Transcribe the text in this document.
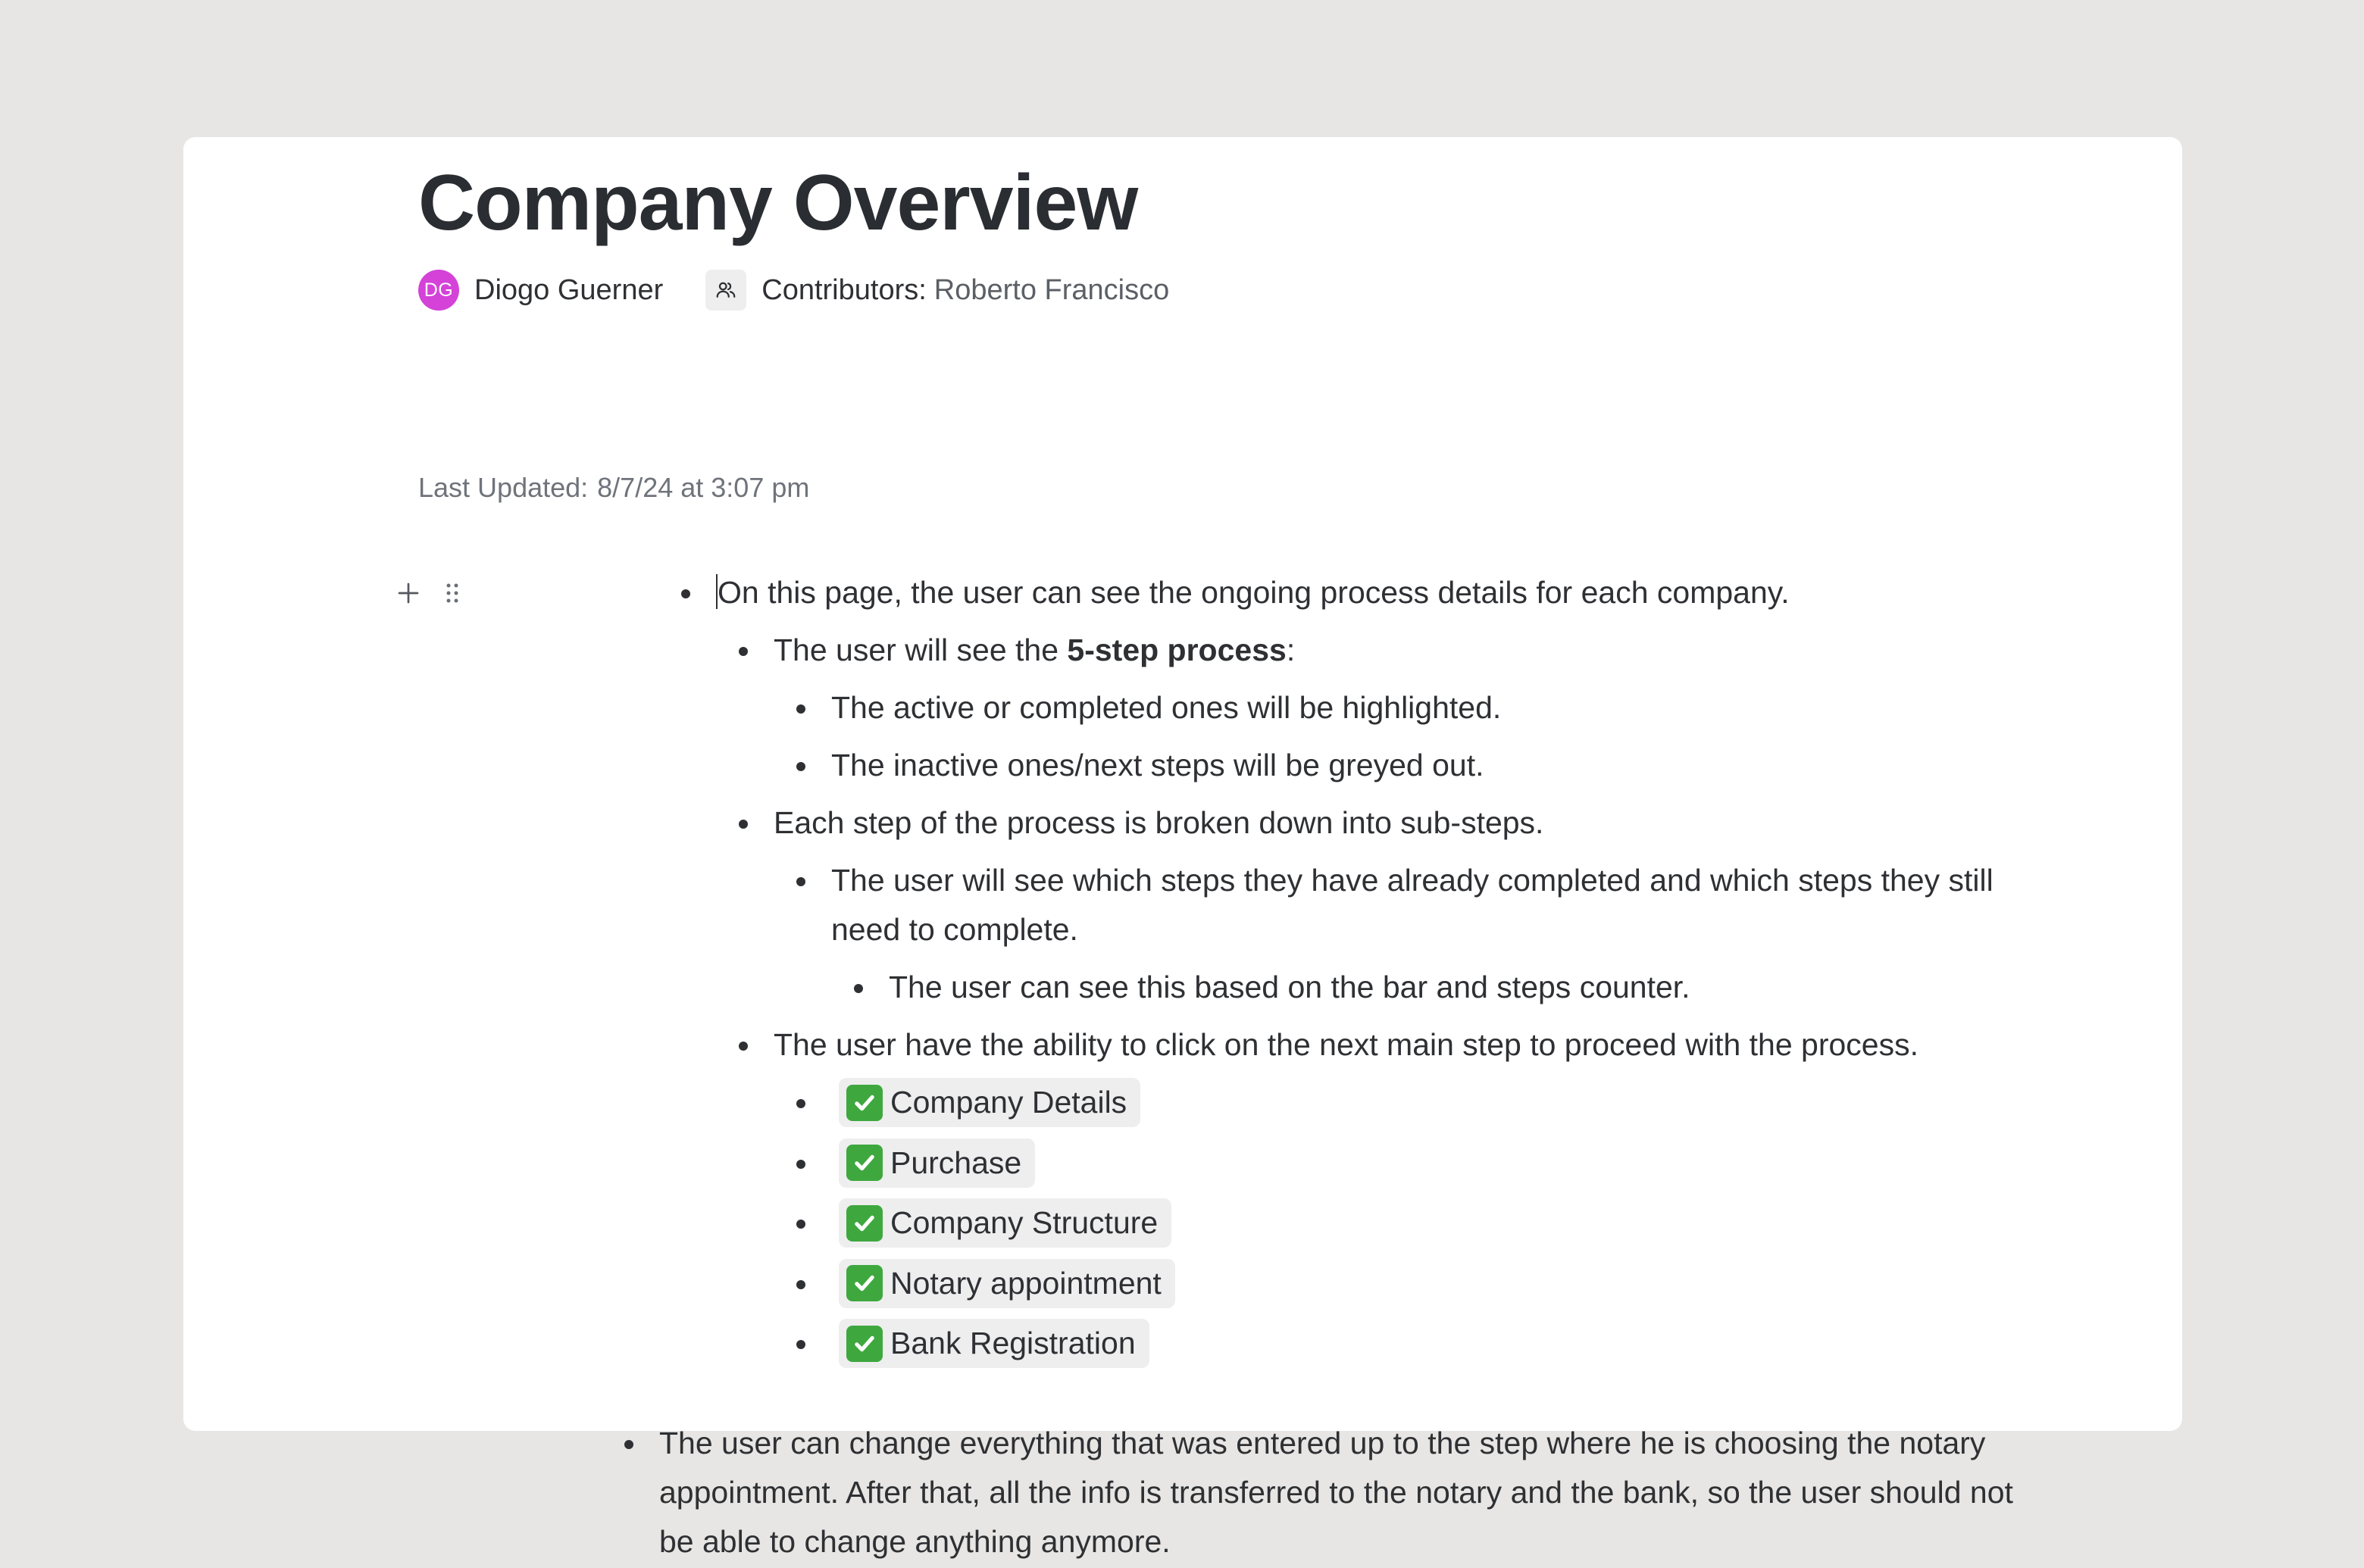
Company Overview
DG Diogo Guerner	Contributors: Roberto Francisco
Last Updated: 8/7/24 at 3:07 pm
On this page, the user can see the ongoing process details for each company.
The user will see the 5-step process:
The active or completed ones will be highlighted.
The inactive ones/next steps will be greyed out.
Each step of the process is broken down into sub-steps.
The user will see which steps they have already completed and which steps they still need to complete.
The user can see this based on the bar and steps counter.
The user have the ability to click on the next main step to proceed with the process.
Company Details
Purchase
Company Structure
Notary appointment
Bank Registration
The user can change everything that was entered up to the step where he is choosing the notary appointment. After that, all the info is transferred to the notary and the bank, so the user should not be able to change anything anymore.
